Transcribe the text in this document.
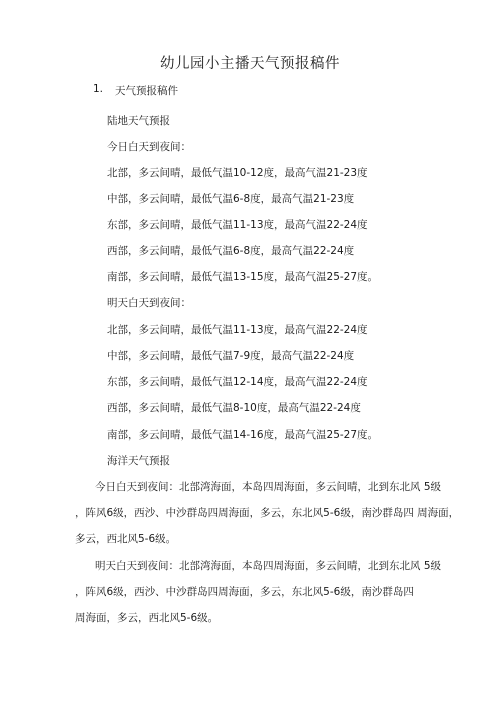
幼儿园小主播天气预报稿件
1. 天气预报稿件
陆地天气预报
今日白天到夜间：
北部，多云间晴，最低气温10-12度，最高气温21-23度
中部，多云间晴，最低气温6-8度，最高气温21-23度
东部，多云间晴，最低气温11-13度，最高气温22-24度
西部，多云间晴，最低气温6-8度，最高气温22-24度
南部，多云间晴，最低气温13-15度，最高气温25-27度。
明天白天到夜间：
北部，多云间晴，最低气温11-13度，最高气温22-24度
中部，多云间晴，最低气温7-9度，最高气温22-24度
东部，多云间晴，最低气温12-14度，最高气温22-24度
西部，多云间晴，最低气温8-10度，最高气温22-24度
南部，多云间晴，最低气温14-16度，最高气温25-27度。
海洋天气预报
今日白天到夜间：北部湾海面，本岛四周海面，多云间晴，北到东北风 5级
，阵风6级，西沙、中沙群岛四周海面，多云，东北风5-6级，南沙群岛四 周海面，
多云，西北风5-6级。
明天白天到夜间：北部湾海面，本岛四周海面，多云间晴，北到东北风 5级
，阵风6级，西沙、中沙群岛四周海面，多云，东北风5-6级，南沙群岛四
周海面，多云，西北风5-6级。
